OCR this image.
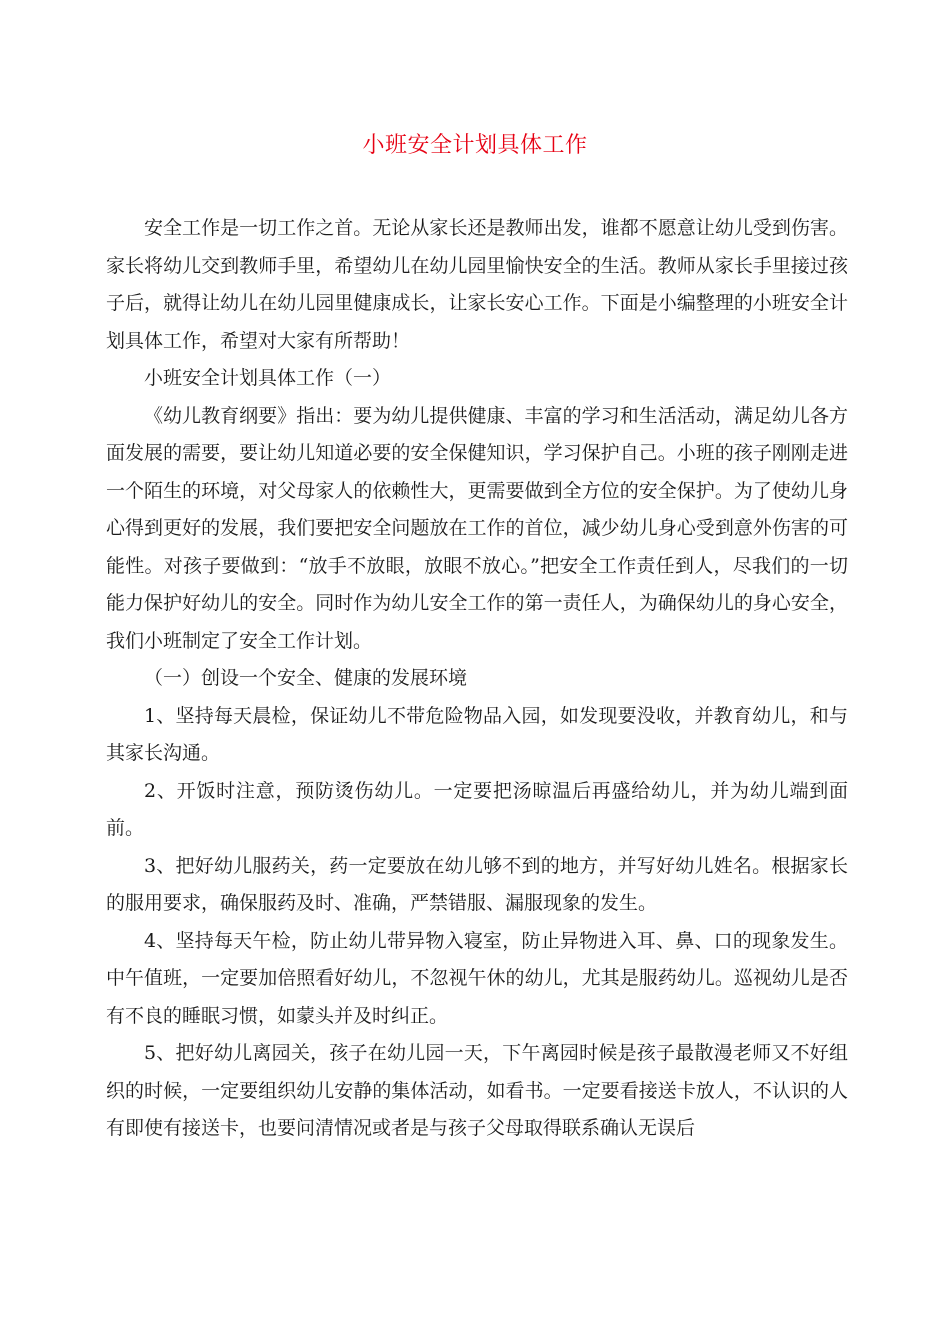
小班安全计划具体工作

安全工作是一切工作之首。无论从家长还是教师出发，谁都不愿意让幼儿受到伤害。家长将幼儿交到教师手里，希望幼儿在幼儿园里愉快安全的生活。教师从家长手里接过孩子后，就得让幼儿在幼儿园里健康成长，让家长安心工作。下面是小编整理的小班安全计划具体工作，希望对大家有所帮助！

小班安全计划具体工作（一）

《幼儿教育纲要》指出：要为幼儿提供健康、丰富的学习和生活活动，满足幼儿各方面发展的需要，要让幼儿知道必要的安全保健知识，学习保护自己。小班的孩子刚刚走进一个陌生的环境，对父母家人的依赖性大，更需要做到全方位的安全保护。为了使幼儿身心得到更好的发展，我们要把安全问题放在工作的首位，减少幼儿身心受到意外伤害的可能性。对孩子要做到：“放手不放眼，放眼不放心。”把安全工作责任到人，尽我们的一切能力保护好幼儿的安全。同时作为幼儿安全工作的第一责任人，为确保幼儿的身心安全，我们小班制定了安全工作计划。

（一）创设一个安全、健康的发展环境

1、坚持每天晨检，保证幼儿不带危险物品入园，如发现要没收，并教育幼儿，和与其家长沟通。

2、开饭时注意，预防烫伤幼儿。一定要把汤晾温后再盛给幼儿，并为幼儿端到面前。

3、把好幼儿服药关，药一定要放在幼儿够不到的地方，并写好幼儿姓名。根据家长的服用要求，确保服药及时、准确，严禁错服、漏服现象的发生。

4、坚持每天午检，防止幼儿带异物入寝室，防止异物进入耳、鼻、口的现象发生。中午值班，一定要加倍照看好幼儿，不忽视午休的幼儿，尤其是服药幼儿。巡视幼儿是否有不良的睡眠习惯，如蒙头并及时纠正。

5、把好幼儿离园关，孩子在幼儿园一天，下午离园时候是孩子最散漫老师又不好组织的时候，一定要组织幼儿安静的集体活动，如看书。一定要看接送卡放人，不认识的人有即使有接送卡，也要问清情况或者是与孩子父母取得联系确认无误后
